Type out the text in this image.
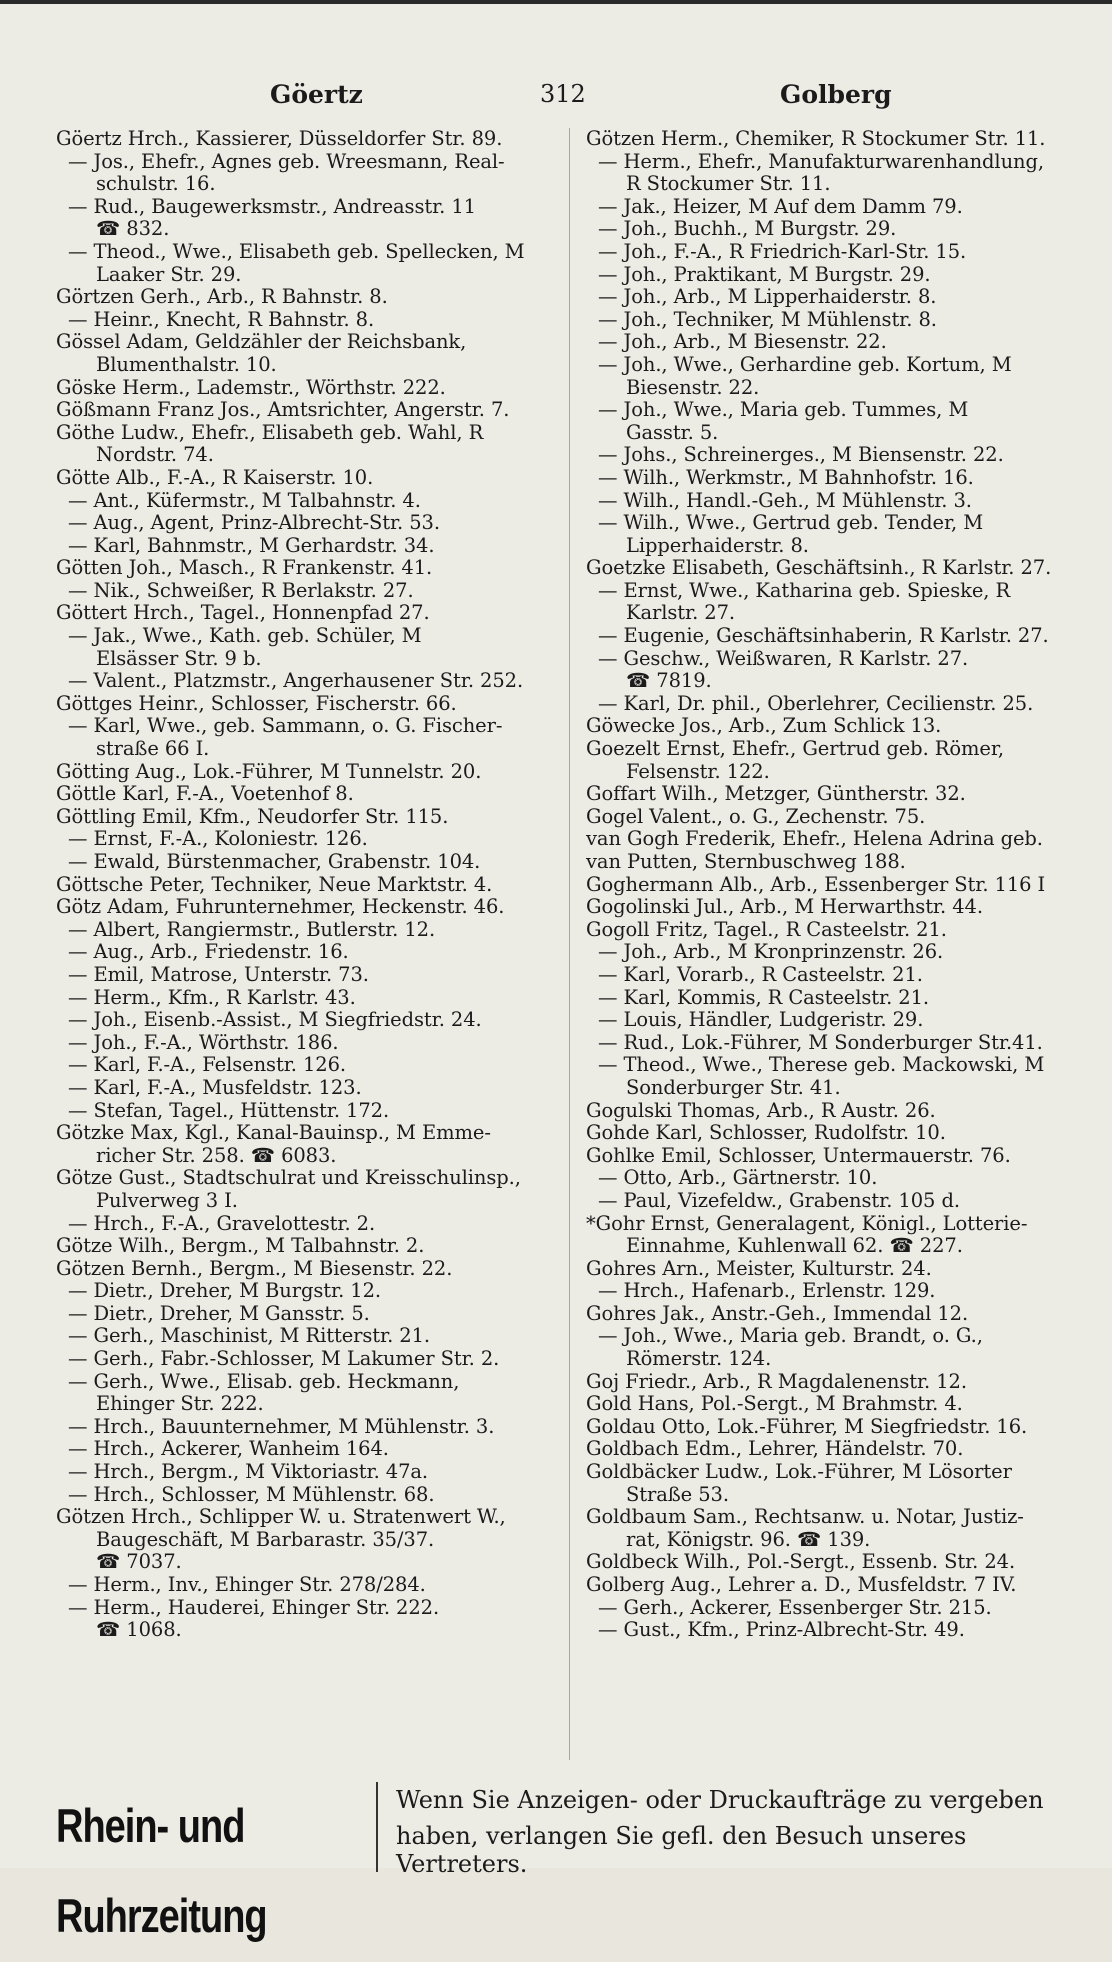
Göertz	312	Golberg
Göertz Hrch., Kassierer, Düsseldorfer Str. 89.
— Jos., Ehefr., Agnes geb. Wreesmann, Real-
schulstr. 16.
— Rud., Baugewerksmstr., Andreasstr. 11
☎ 832.
— Theod., Wwe., Elisabeth geb. Spellecken, M
Laaker Str. 29.
Görtzen Gerh., Arb., R Bahnstr. 8.
— Heinr., Knecht, R Bahnstr. 8.
Gössel Adam, Geldzähler der Reichsbank,
Blumenthalstr. 10.
Göske Herm., Lademstr., Wörthstr. 222.
Gößmann Franz Jos., Amtsrichter, Angerstr. 7.
Göthe Ludw., Ehefr., Elisabeth geb. Wahl, R
Nordstr. 74.
Götte Alb., F.-A., R Kaiserstr. 10.
— Ant., Küfermstr., M Talbahnstr. 4.
— Aug., Agent, Prinz-Albrecht-Str. 53.
— Karl, Bahnmstr., M Gerhardstr. 34.
Götten Joh., Masch., R Frankenstr. 41.
— Nik., Schweißer, R Berlakstr. 27.
Göttert Hrch., Tagel., Honnenpfad 27.
— Jak., Wwe., Kath. geb. Schüler, M
Elsässer Str. 9 b.
— Valent., Platzmstr., Angerhausener Str. 252.
Göttges Heinr., Schlosser, Fischerstr. 66.
— Karl, Wwe., geb. Sammann, o. G. Fischer-
straße 66 I.
Götting Aug., Lok.-Führer, M Tunnelstr. 20.
Göttle Karl, F.-A., Voetenhof 8.
Göttling Emil, Kfm., Neudorfer Str. 115.
— Ernst, F.-A., Koloniestr. 126.
— Ewald, Bürstenmacher, Grabenstr. 104.
Göttsche Peter, Techniker, Neue Marktstr. 4.
Götz Adam, Fuhrunternehmer, Heckenstr. 46.
— Albert, Rangiermstr., Butlerstr. 12.
— Aug., Arb., Friedenstr. 16.
— Emil, Matrose, Unterstr. 73.
— Herm., Kfm., R Karlstr. 43.
— Joh., Eisenb.-Assist., M Siegfriedstr. 24.
— Joh., F.-A., Wörthstr. 186.
— Karl, F.-A., Felsenstr. 126.
— Karl, F.-A., Musfeldstr. 123.
— Stefan, Tagel., Hüttenstr. 172.
Götzke Max, Kgl., Kanal-Bauinsp., M Emme-
richer Str. 258. ☎ 6083.
Götze Gust., Stadtschulrat und Kreisschulinsp.,
Pulverweg 3 I.
— Hrch., F.-A., Gravelottestr. 2.
Götze Wilh., Bergm., M Talbahnstr. 2.
Götzen Bernh., Bergm., M Biesenstr. 22.
— Dietr., Dreher, M Burgstr. 12.
— Dietr., Dreher, M Gansstr. 5.
— Gerh., Maschinist, M Ritterstr. 21.
— Gerh., Fabr.-Schlosser, M Lakumer Str. 2.
— Gerh., Wwe., Elisab. geb. Heckmann,
Ehinger Str. 222.
— Hrch., Bauunternehmer, M Mühlenstr. 3.
— Hrch., Ackerer, Wanheim 164.
— Hrch., Bergm., M Viktoriastr. 47a.
— Hrch., Schlosser, M Mühlenstr. 68.
Götzen Hrch., Schlipper W. u. Stratenwert W.,
Baugeschäft, M Barbarastr. 35/37.
☎ 7037.
— Herm., Inv., Ehinger Str. 278/284.
— Herm., Hauderei, Ehinger Str. 222.
☎ 1068.
Götzen Herm., Chemiker, R Stockumer Str. 11.
— Herm., Ehefr., Manufakturwarenhandlung,
R Stockumer Str. 11.
— Jak., Heizer, M Auf dem Damm 79.
— Joh., Buchh., M Burgstr. 29.
— Joh., F.-A., R Friedrich-Karl-Str. 15.
— Joh., Praktikant, M Burgstr. 29.
— Joh., Arb., M Lipperhaiderstr. 8.
— Joh., Techniker, M Mühlenstr. 8.
— Joh., Arb., M Biesenstr. 22.
— Joh., Wwe., Gerhardine geb. Kortum, M
Biesenstr. 22.
— Joh., Wwe., Maria geb. Tummes, M
Gasstr. 5.
— Johs., Schreinerges., M Biensenstr. 22.
— Wilh., Werkmstr., M Bahnhofstr. 16.
— Wilh., Handl.-Geh., M Mühlenstr. 3.
— Wilh., Wwe., Gertrud geb. Tender, M
Lipperhaiderstr. 8.
Goetzke Elisabeth, Geschäftsinh., R Karlstr. 27.
— Ernst, Wwe., Katharina geb. Spieske, R
Karlstr. 27.
— Eugenie, Geschäftsinhaberin, R Karlstr. 27.
— Geschw., Weißwaren, R Karlstr. 27.
☎ 7819.
— Karl, Dr. phil., Oberlehrer, Cecilienstr. 25.
Göwecke Jos., Arb., Zum Schlick 13.
Goezelt Ernst, Ehefr., Gertrud geb. Römer,
Felsenstr. 122.
Goffart Wilh., Metzger, Güntherstr. 32.
Gogel Valent., o. G., Zechenstr. 75.
van Gogh Frederik, Ehefr., Helena Adrina geb.
van Putten, Sternbuschweg 188.
Goghermann Alb., Arb., Essenberger Str. 116 I
Gogolinski Jul., Arb., M Herwarthstr. 44.
Gogoll Fritz, Tagel., R Casteelstr. 21.
— Joh., Arb., M Kronprinzenstr. 26.
— Karl, Vorarb., R Casteelstr. 21.
— Karl, Kommis, R Casteelstr. 21.
— Louis, Händler, Ludgeristr. 29.
— Rud., Lok.-Führer, M Sonderburger Str.41.
— Theod., Wwe., Therese geb. Mackowski, M
Sonderburger Str. 41.
Gogulski Thomas, Arb., R Austr. 26.
Gohde Karl, Schlosser, Rudolfstr. 10.
Gohlke Emil, Schlosser, Untermauerstr. 76.
— Otto, Arb., Gärtnerstr. 10.
— Paul, Vizefeldw., Grabenstr. 105 d.
*Gohr Ernst, Generalagent, Königl., Lotterie-
Einnahme, Kuhlenwall 62. ☎ 227.
Gohres Arn., Meister, Kulturstr. 24.
— Hrch., Hafenarb., Erlenstr. 129.
Gohres Jak., Anstr.-Geh., Immendal 12.
— Joh., Wwe., Maria geb. Brandt, o. G.,
Römerstr. 124.
Goj Friedr., Arb., R Magdalenenstr. 12.
Gold Hans, Pol.-Sergt., M Brahmstr. 4.
Goldau Otto, Lok.-Führer, M Siegfriedstr. 16.
Goldbach Edm., Lehrer, Händelstr. 70.
Goldbäcker Ludw., Lok.-Führer, M Lösorter
Straße 53.
Goldbaum Sam., Rechtsanw. u. Notar, Justiz-
rat, Königstr. 96. ☎ 139.
Goldbeck Wilh., Pol.-Sergt., Essenb. Str. 24.
Golberg Aug., Lehrer a. D., Musfeldstr. 7 IV.
— Gerh., Ackerer, Essenberger Str. 215.
— Gust., Kfm., Prinz-Albrecht-Str. 49.
Rhein- und Ruhrzeitung
Wenn Sie Anzeigen- oder Druckaufträge zu vergeben
haben, verlangen Sie gefl. den Besuch unseres Vertreters.
